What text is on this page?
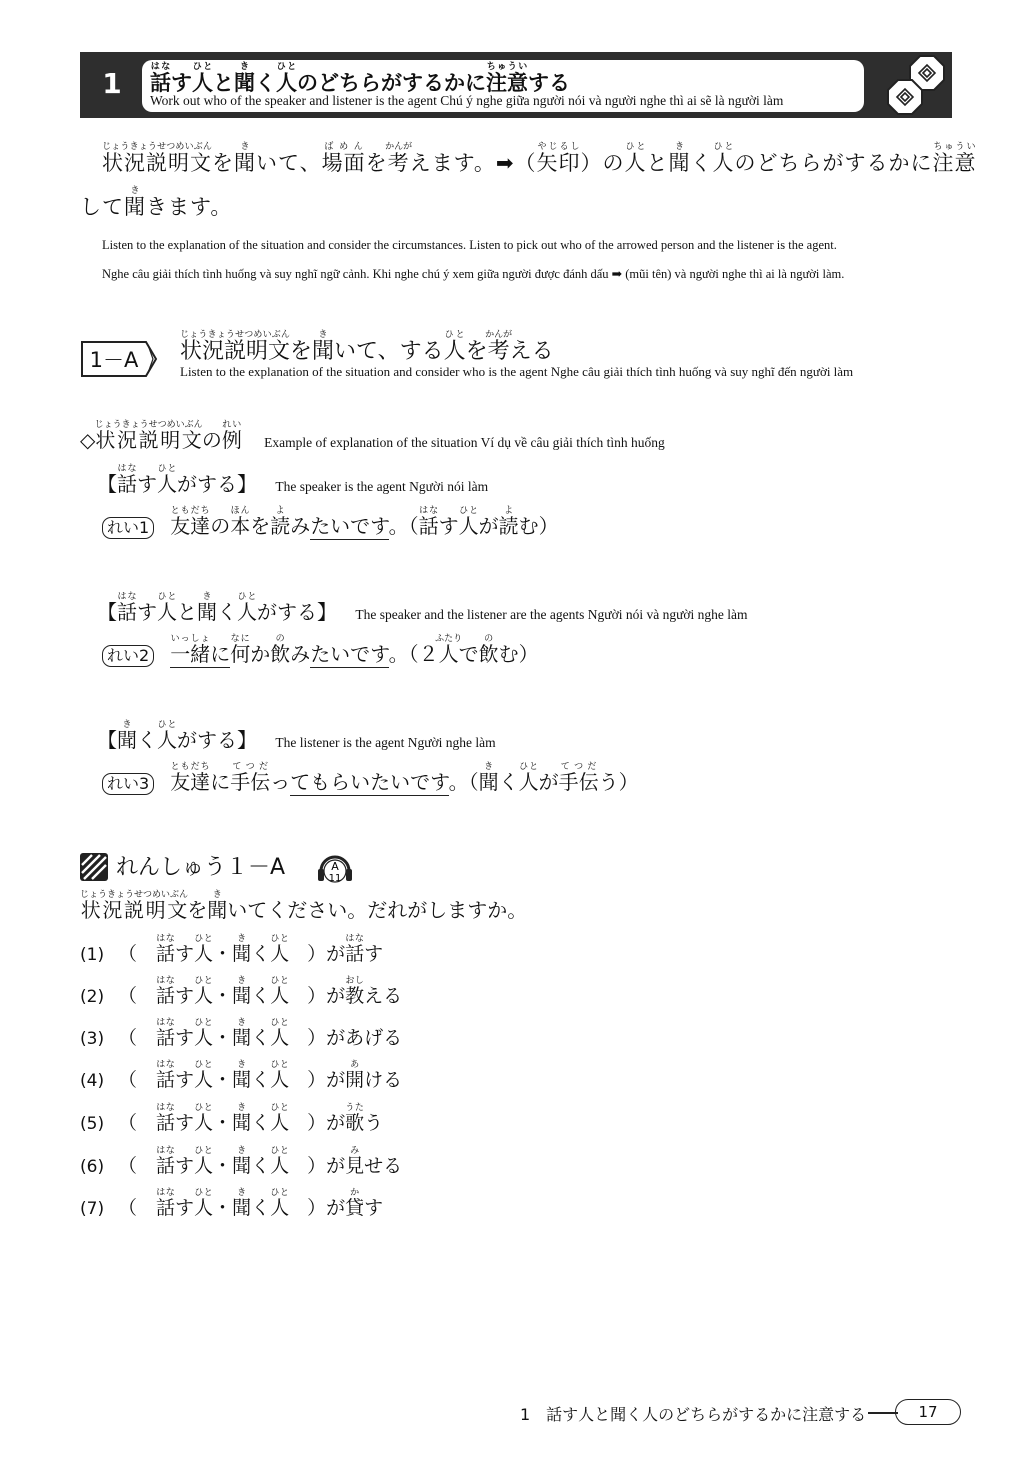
1 話はなす人ひとと聞きく人ひとのどちらがするかに注意ちゅういする
Work out who of the speaker and listener is the agent Chú ý nghe giữa người nói và người nghe thì ai sẽ là người làm
状況説明文じょうきょうせつめいぶんを聞きいて、場面ばめんを考かんがえます。➡（矢印やじるし）の人ひとと聞きく人ひとのどちらがするかに注意ちゅうい
して聞ききます。
Listen to the explanation of the situation and consider the circumstances. Listen to pick out who of the arrowed person and the listener is the agent.
Nghe câu giải thích tình huống và suy nghĩ ngữ cảnh. Khi nghe chú ý xem giữa người được đánh dấu ➡ (mũi tên) và người nghe thì ai là người làm.
1－A 状況説明文じょうきょうせつめいぶんを聞きいて、する人ひとを考かんがえる
Listen to the explanation of the situation and consider who is the agent Nghe câu giải thích tình huống và suy nghĩ đến người làm
◇状況説明文じょうきょうせつめいぶんの例れい Example of explanation of the situation Ví dụ về câu giải thích tình huống
【話はなす人ひとがする】 The speaker is the agent Người nói làm
れい1 友達ともだちの本ほんを読よみたいです。（話はなす人ひとが読よむ）
【話はなす人ひとと聞きく人ひとがする】 The speaker and the listener are the agents Người nói và người nghe làm
れい2 一緒いっしょに何なにか飲のみたいです。（２人ふたりで飲のむ）
【聞きく人ひとがする】 The listener is the agent Người nghe làm
れい3 友達ともだちに手伝てつだってもらいたいです。（聞きく人ひとが手伝てつだう）
れんしゅう１－A	A
11
状況説明文じょうきょうせつめいぶんを聞きいてください。だれがしますか。
(1) （ 話はなす人ひと・聞きく人ひと）が話はなす
(2) （ 話はなす人ひと・聞きく人ひと）が教おしえる
(3) （ 話はなす人ひと・聞きく人ひと）があげる
(4) （ 話はなす人ひと・聞きく人ひと）が開あける
(5) （ 話はなす人ひと・聞きく人ひと）が歌うたう
(6) （ 話はなす人ひと・聞きく人ひと）が見みせる
(7) （ 話はなす人ひと・聞きく人ひと）が貸かす
1　話す人と聞く人のどちらがするかに注意する	17
